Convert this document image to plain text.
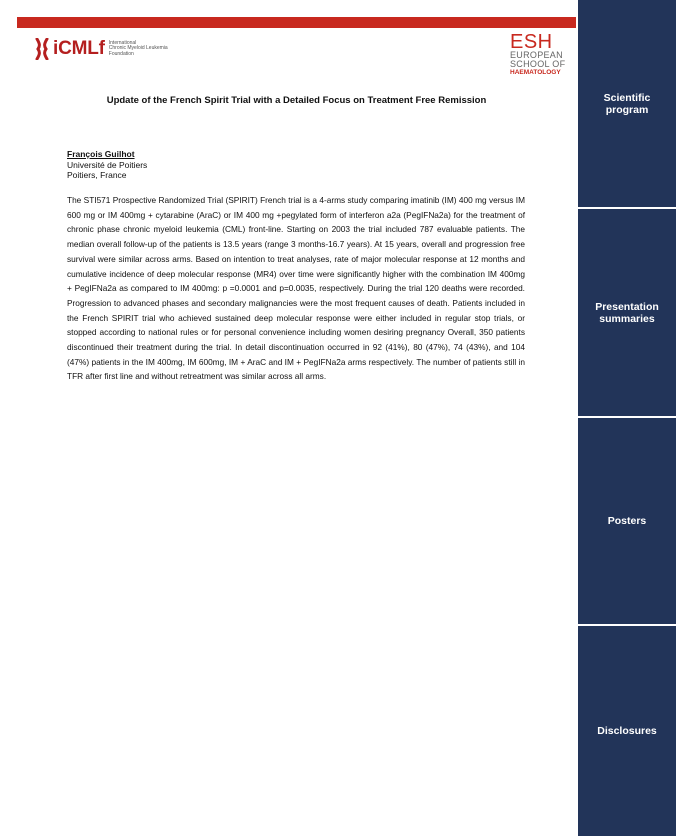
iCMLf International
Chronic Myeloid Leukemia
Foundation
ESH
EUROPEAN
SCHOOL OF
HAEMATOLOGY
Update of the French Spirit Trial with a Detailed Focus on Treatment Free Remission
François Guilhot
Université de Poitiers
Poitiers, France
The STI571 Prospective Randomized Trial (SPIRIT) French trial is a 4-arms study comparing imatinib (IM) 400 mg versus IM 600 mg or IM 400mg + cytarabine (AraC) or IM 400 mg +pegylated form of interferon a2a (PegIFNa2a) for the treatment of chronic phase chronic myeloid leukemia (CML) front-line. Starting on 2003 the trial included 787 evaluable patients. The median overall follow-up of the patients is 13.5 years (range 3 months-16.7 years). At 15 years, overall and progression free survival were similar across arms. Based on intention to treat analyses, rate of major molecular response at 12 months and cumulative incidence of deep molecular response (MR4) over time were significantly higher with the combination IM 400mg + PegIFNa2a as compared to IM 400mg: p =0.0001 and p=0.0035, respectively. During the trial 120 deaths were recorded. Progression to advanced phases and secondary malignancies were the most frequent causes of death. Patients included in the French SPIRIT trial who achieved sustained deep molecular response were either included in regular stop trials, or stopped according to national rules or for personal convenience including women desiring pregnancy Overall, 350 patients discontinued their treatment during the trial. In detail discontinuation occurred in 92 (41%), 80 (47%), 74 (43%), and 104 (47%) patients in the IM 400mg, IM 600mg, IM + AraC and IM + PegIFNa2a arms respectively. The number of patients still in TFR after first line and without retreatment was similar across all arms.
Scientific program
Presentation summaries
Posters
Disclosures
